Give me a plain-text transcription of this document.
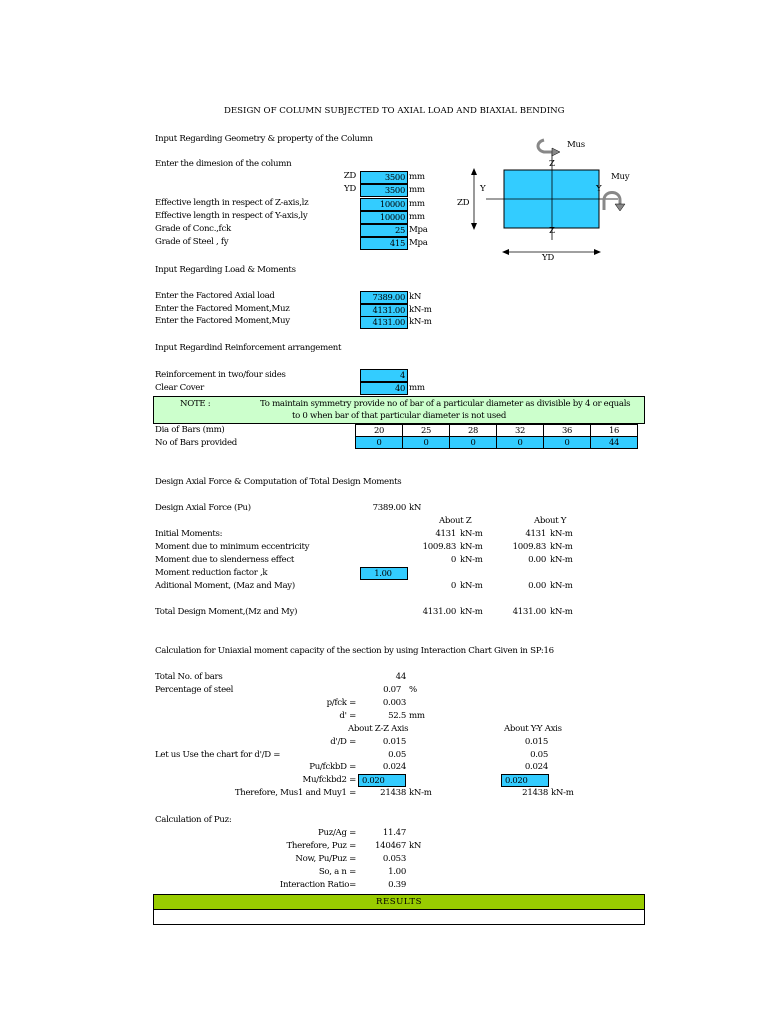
DESIGN OF COLUMN SUBJECTED TO AXIAL LOAD AND BIAXIAL BENDING
Input Regarding Geometry & property of the Column
Enter the dimesion of the column
ZD	3500 mm
YD	3500 mm
Effective length in respect of Z-axis,lz	10000 mm
Effective length in respect of Y-axis,ly	10000 mm
Grade of Conc.,fck	25 Mpa
Grade of Steel , fy	415 Mpa
Mus
Muy
Z
Z
Y	Y
ZD
YD
Input Regarding Load & Moments
Enter the Factored Axial load	7389.00 kN
Enter the Factored Moment,Muz	4131.00 kN-m
Enter the Factored Moment,Muy	4131.00 kN-m
Input Regardind Reinforcement arrangement
Reinforcement in two/four sides	4
Clear Cover	40 mm
NOTE :	To maintain symmetry provide no of bar of a particular diameter as divisible by 4 or equals
to 0 when bar of that particular diameter is not used
Dia of Bars (mm)
No of Bars provided
20	25	28	32	36	16
0	0	0	0	0	44
Design Axial Force & Computation of Total Design Moments
Design Axial Force (Pu)	7389.00 kN
About Z	About Y
Initial Moments:	4131 kN-m	4131 kN-m
Moment due to minimum eccentricity	1009.83 kN-m	1009.83 kN-m
Moment due to slenderness effect	0 kN-m	0.00 kN-m
Moment reduction factor ,k	1.00
Aditional Moment, (Maz and May)	0 kN-m	0.00 kN-m
Total Design Moment,(Mz and My)	4131.00 kN-m	4131.00 kN-m
Calculation for Uniaxial moment capacity of the section by using Interaction Chart Given in SP:16
Total No. of bars	44
Percentage of steel	0.07 %
p/fck =	0.003
d' =	52.5 mm
About Z-Z Axis	About Y-Y Axis
d'/D =	0.015	0.015
Let us Use the chart for d'/D =	0.05	0.05
Pu/fckbD =	0.024	0.024
Mu/fckbd2 = 0.020	0.020
Therefore, Mus1 and Muy1 =	21438 kN-m	21438 kN-m
Calculation of Puz:
Puz/Ag =	11.47
Therefore, Puz =	140467 kN
Now, Pu/Puz =	0.053
So, a n =	1.00
Interaction Ratio=	0.39
RESULTS
